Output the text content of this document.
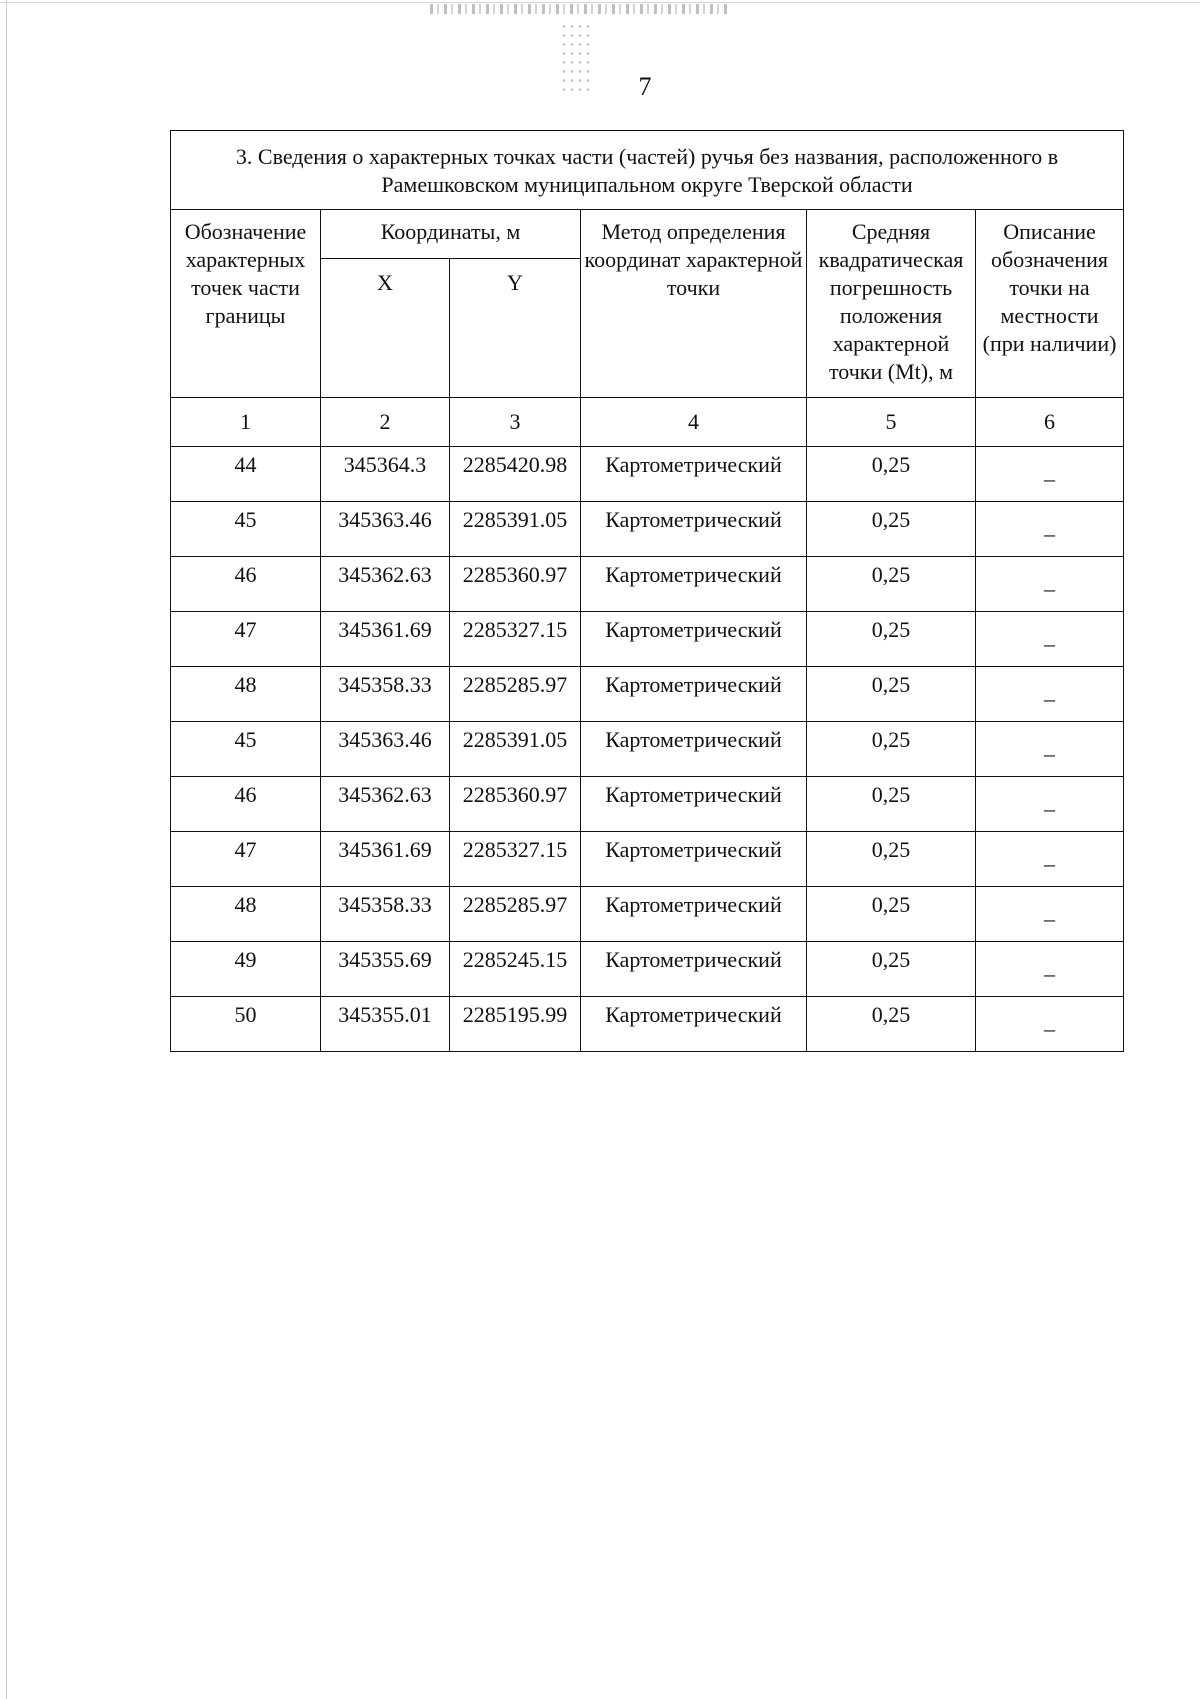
7
3. Сведения о характерных точках части (частей) ручья без названия, расположенного в Рамешковском муниципальном округе Тверской области					
Обозначение характерных точек части границы	Координаты, м		Метод определения координат характерной точки	Средняя квадратическая погрешность положения характерной точки (Mt), м	Описание обозначения точки на местности (при наличии)
	X	Y			
1	2	3	4	5	6
44	345364.3	2285420.98	Картометрический	0,25	–
45	345363.46	2285391.05	Картометрический	0,25	–
46	345362.63	2285360.97	Картометрический	0,25	–
47	345361.69	2285327.15	Картометрический	0,25	–
48	345358.33	2285285.97	Картометрический	0,25	–
45	345363.46	2285391.05	Картометрический	0,25	–
46	345362.63	2285360.97	Картометрический	0,25	–
47	345361.69	2285327.15	Картометрический	0,25	–
48	345358.33	2285285.97	Картометрический	0,25	–
49	345355.69	2285245.15	Картометрический	0,25	–
50	345355.01	2285195.99	Картометрический	0,25	–
